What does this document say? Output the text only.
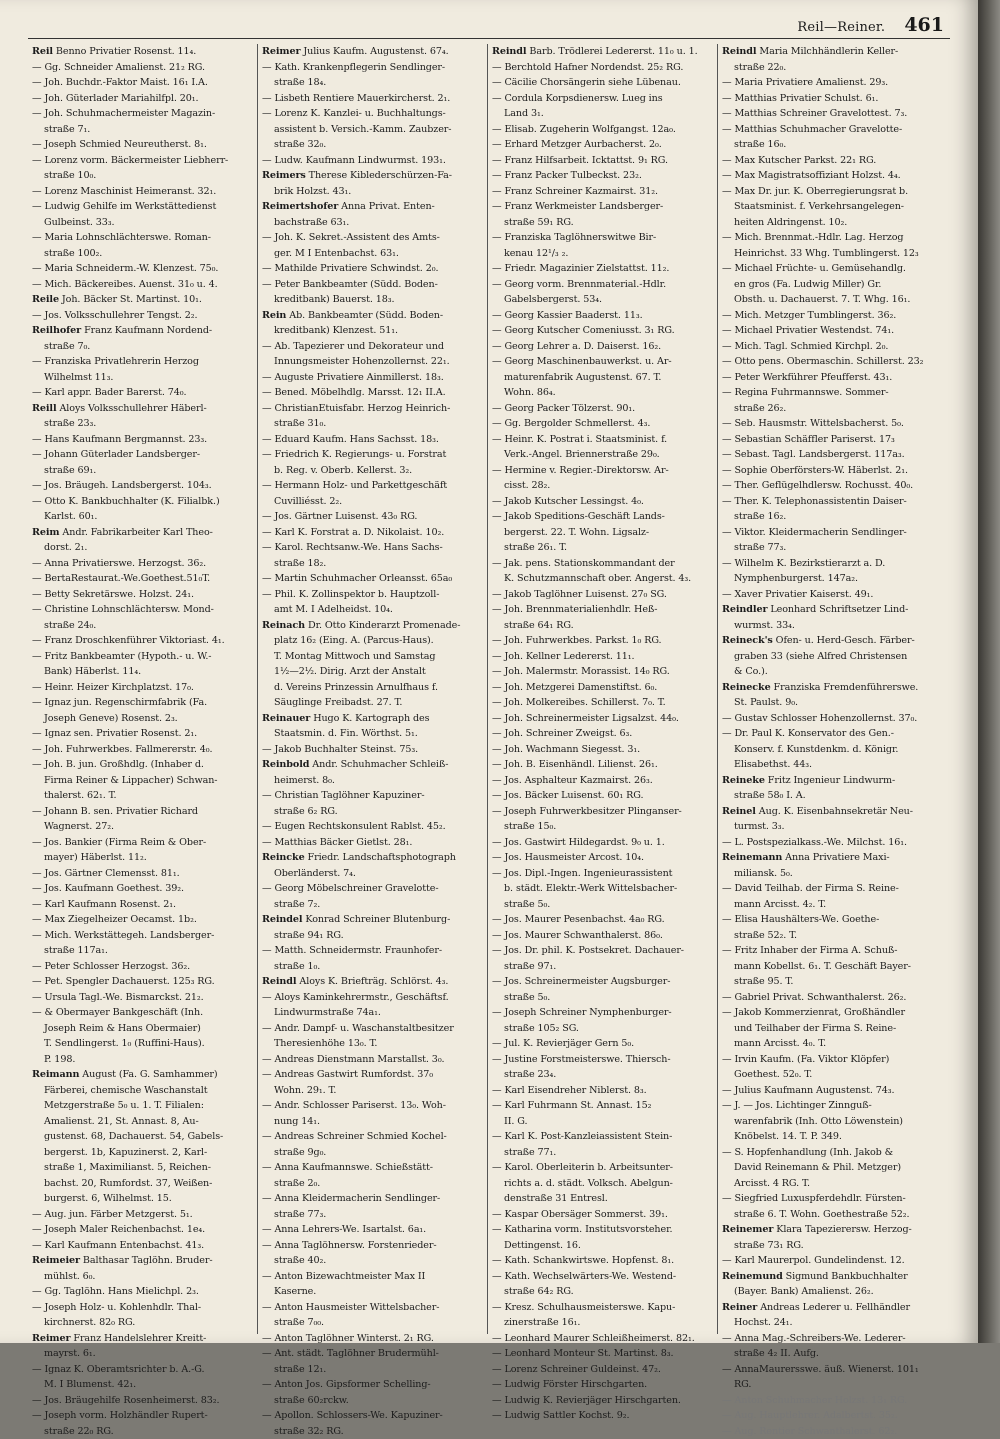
Reil—Reiner. 461
Reil Benno Privatier Rosenst. 11₄.
— Gg. Schneider Amalienst. 21₂ RG.
— Joh. Buchdr.-Faktor Maist. 16₁ I.A.
— Joh. Güterlader Mariahilfpl. 20₁.
— Joh. Schuhmachermeister Magazin-
straße 7₁.
— Joseph Schmied Neureutherst. 8₁.
— Lorenz vorm. Bäckermeister Liebherr-
straße 10₀.
— Lorenz Maschinist Heimeranst. 32₁.
— Ludwig Gehilfe im Werkstättedienst
Gulbeinst. 33₃.
— Maria Lohnschlächterswe. Roman-
straße 100₂.
— Maria Schneiderm.-W. Klenzest. 75₀.
— Mich. Bäckereibes. Auenst. 31₀ u. 4.
Reile Joh. Bäcker St. Martinst. 10₁.
— Jos. Volksschullehrer Tengst. 2₂.
Reilhofer Franz Kaufmann Nordend-
straße 7₀.
— Franziska Privatlehrerin Herzog
Wilhelmst 11₃.
— Karl appr. Bader Barerst. 74₀.
Reill Aloys Volksschullehrer Häberl-
straße 23₃.
— Hans Kaufmann Bergmannst. 23₃.
— Johann Güterlader Landsberger-
straße 69₁.
— Jos. Bräugeh. Landsbergerst. 104₃.
— Otto K. Bankbuchhalter (K. Filialbk.)
Karlst. 60₁.
Reim Andr. Fabrikarbeiter Karl Theo-
dorst. 2₁.
— Anna Privatierswe. Herzogst. 36₂.
— BertaRestaurat.-We.Goethest.51₀T.
— Betty Sekretärswe. Holzst. 24₁.
— Christine Lohnschlächtersw. Mond-
straße 24₀.
— Franz Droschkenführer Viktoriast. 4₁.
— Fritz Bankbeamter (Hypoth.- u. W.-
Bank) Häberlst. 11₄.
— Heinr. Heizer Kirchplatzst. 17₀.
— Ignaz jun. Regenschirmfabrik (Fa.
Joseph Geneve) Rosenst. 2₃.
— Ignaz sen. Privatier Rosenst. 2₁.
— Joh. Fuhrwerkbes. Fallmererstr. 4₀.
— Joh. B. jun. Großhdlg. (Inhaber d.
Firma Reiner & Lippacher) Schwan-
thalerst. 62₁. T.
— Johann B. sen. Privatier Richard
Wagnerst. 27₂.
— Jos. Bankier (Firma Reim & Ober-
mayer) Häberlst. 11₂.
— Jos. Gärtner Clemensst. 81₁.
— Jos. Kaufmann Goethest. 39₂.
— Karl Kaufmann Rosenst. 2₁.
— Max Ziegelheizer Oecamst. 1b₂.
— Mich. Werkstättegeh. Landsberger-
straße 117a₁.
— Peter Schlosser Herzogst. 36₂.
— Pet. Spengler Dachauerst. 125₃ RG.
— Ursula Tagl.-We. Bismarckst. 21₂.
— & Obermayer Bankgeschäft (Inh.
Joseph Reim & Hans Obermaier)
T. Sendlingerst. 1₀ (Ruffini-Haus).
P. 198.
Reimann August (Fa. G. Samhammer)
Färberei, chemische Waschanstalt
Metzgerstraße 5₀ u. 1. T. Filialen:
Amalienst. 21, St. Annast. 8, Au-
gustenst. 68, Dachauerst. 54, Gabels-
bergerst. 1b, Kapuzinerst. 2, Karl-
straße 1, Maximilianst. 5, Reichen-
bachst. 20, Rumfordst. 37, Weißen-
burgerst. 6, Wilhelmst. 15.
— Aug. jun. Färber Metzgerst. 5₁.
— Joseph Maler Reichenbachst. 1e₄.
— Karl Kaufmann Entenbachst. 41₃.
Reimeier Balthasar Taglöhn. Bruder-
mühlst. 6₀.
— Gg. Taglöhn. Hans Mielichpl. 2₃.
— Joseph Holz- u. Kohlenhdlr. Thal-
kirchnerst. 82₀ RG.
Reimer Franz Handelslehrer Kreitt-
mayrst. 6₁.
— Ignaz K. Oberamtsrichter b. A.-G.
M. I Blumenst. 42₁.
— Jos. Bräugehilfe Rosenheimerst. 83₂.
— Joseph vorm. Holzhändler Rupert-
straße 22₀ RG.
Reimer Julius Kaufm. Augustenst. 67₄.
— Kath. Krankenpflegerin Sendlinger-
straße 18₄.
— Lisbeth Rentiere Mauerkircherst. 2₁.
— Lorenz K. Kanzlei- u. Buchhaltungs-
assistent b. Versich.-Kamm. Zaubzer-
straße 32₀.
— Ludw. Kaufmann Lindwurmst. 193₁.
Reimers Therese Kiblederschürzen-Fa-
brik Holzst. 43₁.
Reimertshofer Anna Privat. Enten-
bachstraße 63₁.
— Joh. K. Sekret.-Assistent des Amts-
ger. M I Entenbachst. 63₁.
— Mathilde Privatiere Schwindst. 2₀.
— Peter Bankbeamter (Südd. Boden-
kreditbank) Bauerst. 18₃.
Rein Ab. Bankbeamter (Südd. Boden-
kreditbank) Klenzest. 51₁.
— Ab. Tapezierer und Dekorateur und
Innungsmeister Hohenzollernst. 22₁.
— Auguste Privatiere Ainmillerst. 18₃.
— Bened. Möbelhdlg. Marsst. 12₁ II.A.
— ChristianEtuisfabr. Herzog Heinrich-
straße 31₀.
— Eduard Kaufm. Hans Sachsst. 18₃.
— Friedrich K. Regierungs- u. Forstrat
b. Reg. v. Oberb. Kellerst. 3₂.
— Hermann Holz- und Parkettgeschäft
Cuvilliésst. 2₂.
— Jos. Gärtner Luisenst. 43₀ RG.
— Karl K. Forstrat a. D. Nikolaist. 10₂.
— Karol. Rechtsanw.-We. Hans Sachs-
straße 18₂.
— Martin Schuhmacher Orleansst. 65a₀
— Phil. K. Zollinspektor b. Hauptzoll-
amt M. I Adelheidst. 10₄.
Reinach Dr. Otto Kinderarzt Promenade-
platz 16₂ (Eing. A. (Parcus-Haus).
T. Montag Mittwoch und Samstag
1½—2½. Dirig. Arzt der Anstalt
d. Vereins Prinzessin Arnulfhaus f.
Säuglinge Freibadst. 27. T.
Reinauer Hugo K. Kartograph des
Staatsmin. d. Fin. Wörthst. 5₁.
— Jakob Buchhalter Steinst. 75₃.
Reinbold Andr. Schuhmacher Schleiß-
heimerst. 8₀.
— Christian Taglöhner Kapuziner-
straße 6₂ RG.
— Eugen Rechtskonsulent Rablst. 45₂.
— Matthias Bäcker Gietlst. 28₁.
Reincke Friedr. Landschaftsphotograph
Oberländerst. 7₄.
— Georg Möbelschreiner Gravelotte-
straße 7₂.
Reindel Konrad Schreiner Blutenburg-
straße 94₁ RG.
— Matth. Schneidermstr. Fraunhofer-
straße 1₀.
Reindl Aloys K. Briefträg. Schlörst. 4₃.
— Aloys Kaminkehrermstr., Geschäftsf.
Lindwurmstraße 74a₁.
— Andr. Dampf- u. Waschanstaltbesitzer
Theresienhöhe 13₀. T.
— Andreas Dienstmann Marstallst. 3₀.
— Andreas Gastwirt Rumfordst. 37₀
Wohn. 29₁. T.
— Andr. Schlosser Pariserst. 13₀. Woh-
nung 14₁.
— Andreas Schreiner Schmied Kochel-
straße 9g₀.
— Anna Kaufmannswe. Schießstätt-
straße 2₀.
— Anna Kleidermacherin Sendlinger-
straße 77₃.
— Anna Lehrers-We. Isartalst. 6a₁.
— Anna Taglöhnersw. Forstenrieder-
straße 40₂.
— Anton Bizewachtmeister Max II
Kaserne.
— Anton Hausmeister Wittelsbacher-
straße 7₀₀.
— Anton Taglöhner Winterst. 2₁ RG.
— Ant. städt. Taglöhner Brudermühl-
straße 12₁.
— Anton Jos. Gipsformer Schelling-
straße 60₂rckw.
— Apollon. Schlossers-We. Kapuziner-
straße 32₂ RG.
Reindl Barb. Trödlerei Ledererst. 11₀ u. 1.
— Berchtold Hafner Nordendst. 25₂ RG.
— Cäcilie Chorsängerin siehe Lübenau.
— Cordula Korpsdienersw. Lueg ins
Land 3₁.
— Elisab. Zugeherin Wolfgangst. 12a₀.
— Erhard Metzger Aurbacherst. 2₀.
— Franz Hilfsarbeit. Icktattst. 9₁ RG.
— Franz Packer Tulbeckst. 23₂.
— Franz Schreiner Kazmairst. 31₂.
— Franz Werkmeister Landsberger-
straße 59₁ RG.
— Franziska Taglöhnerswitwe Bir-
kenau 12¹/₃ ₂.
— Friedr. Magazinier Zielstattst. 11₂.
— Georg vorm. Brennmaterial.-Hdlr.
Gabelsbergerst. 53₄.
— Georg Kassier Baaderst. 11₃.
— Georg Kutscher Comeniusst. 3₁ RG.
— Georg Lehrer a. D. Daiserst. 16₂.
— Georg Maschinenbauwerkst. u. Ar-
maturenfabrik Augustenst. 67. T.
Wohn. 86₄.
— Georg Packer Tölzerst. 90₁.
— Gg. Bergolder Schmellerst. 4₃.
— Heinr. K. Postrat i. Staatsminist. f.
Verk.-Angel. Briennerstraße 29₀.
— Hermine v. Regier.-Direktorsw. Ar-
cisst. 28₂.
— Jakob Kutscher Lessingst. 4₀.
— Jakob Speditions-Geschäft Lands-
bergerst. 22. T. Wohn. Ligsalz-
straße 26₁. T.
— Jak. pens. Stationskommandant der
K. Schutzmannschaft ober. Angerst. 4₃.
— Jakob Taglöhner Luisenst. 27₀ SG.
— Joh. Brennmaterialienhdlr. Heß-
straße 64₁ RG.
— Joh. Fuhrwerkbes. Parkst. 1₀ RG.
— Joh. Kellner Ledererst. 11₁.
— Joh. Malermstr. Morassist. 14₀ RG.
— Joh. Metzgerei Damenstiftst. 6₀.
— Joh. Molkereibes. Schillerst. 7₀. T.
— Joh. Schreinermeister Ligsalzst. 44₀.
— Joh. Schreiner Zweigst. 6₃.
— Joh. Wachmann Siegesst. 3₁.
— Joh. B. Eisenhändl. Lilienst. 26₁.
— Jos. Asphalteur Kazmairst. 26₃.
— Jos. Bäcker Luisenst. 60₁ RG.
— Joseph Fuhrwerkbesitzer Plinganser-
straße 15₀.
— Jos. Gastwirt Hildegardst. 9₀ u. 1.
— Jos. Hausmeister Arcost. 10₄.
— Jos. Dipl.-Ingen. Ingenieurassistent
b. städt. Elektr.-Werk Wittelsbacher-
straße 5₀.
— Jos. Maurer Pesenbachst. 4a₀ RG.
— Jos. Maurer Schwanthalerst. 86₀.
— Jos. Dr. phil. K. Postsekret. Dachauer-
straße 97₁.
— Jos. Schreinermeister Augsburger-
straße 5₀.
— Joseph Schreiner Nymphenburger-
straße 105₂ SG.
— Jul. K. Revierjäger Gern 5₀.
— Justine Forstmeisterswe. Thiersch-
straße 23₄.
— Karl Eisendreher Niblerst. 8₃.
— Karl Fuhrmann St. Annast. 15₂
II. G.
— Karl K. Post-Kanzleiassistent Stein-
straße 77₁.
— Karol. Oberleiterin b. Arbeitsunter-
richts a. d. städt. Volksch. Abelgun-
denstraße 31 Entresl.
— Kaspar Obersäger Sommerst. 39₁.
— Katharina vorm. Institutsvorsteher.
Dettingenst. 16.
— Kath. Schankwirtswe. Hopfenst. 8₁.
— Kath. Wechselwärters-We. Westend-
straße 64₂ RG.
— Kresz. Schulhausmeisterswe. Kapu-
zinerstraße 16₁.
— Leonhard Maurer Schleißheimerst. 82₁.
— Leonhard Monteur St. Martinst. 8₃.
— Lorenz Schreiner Guldeinst. 47₂.
— Ludwig Förster Hirschgarten.
— Ludwig K. Revierjäger Hirschgarten.
— Ludwig Sattler Kochst. 9₂.
Reindl Maria Milchhändlerin Keller-
straße 22₀.
— Maria Privatiere Amalienst. 29₃.
— Matthias Privatier Schulst. 6₁.
— Matthias Schreiner Gravelottest. 7₃.
— Matthias Schuhmacher Gravelotte-
straße 16₀.
— Max Kutscher Parkst. 22₁ RG.
— Max Magistratsoffiziant Holzst. 4₄.
— Max Dr. jur. K. Oberregierungsrat b.
Staatsminist. f. Verkehrsangelegen-
heiten Aldringenst. 10₂.
— Mich. Brennmat.-Hdlr. Lag. Herzog
Heinrichst. 33 Whg. Tumblingerst. 12₃
— Michael Früchte- u. Gemüsehandlg.
en gros (Fa. Ludwig Miller) Gr.
Obsth. u. Dachauerst. 7. T. Whg. 16₁.
— Mich. Metzger Tumblingerst. 36₂.
— Michael Privatier Westendst. 74₁.
— Mich. Tagl. Schmied Kirchpl. 2₀.
— Otto pens. Obermaschin. Schillerst. 23₂
— Peter Werkführer Pfeufferst. 43₁.
— Regina Fuhrmannswe. Sommer-
straße 26₂.
— Seb. Hausmstr. Wittelsbacherst. 5₀.
— Sebastian Schäffler Pariserst. 17₃
— Sebast. Tagl. Landsbergerst. 117a₃.
— Sophie Oberförsters-W. Häberlst. 2₁.
— Ther. Geflügelhdlersw. Rochusst. 40₀.
— Ther. K. Telephonassistentin Daiser-
straße 16₂.
— Viktor. Kleidermacherin Sendlinger-
straße 77₃.
— Wilhelm K. Bezirkstierarzt a. D.
Nymphenburgerst. 147a₂.
— Xaver Privatier Kaiserst. 49₁.
Reindler Leonhard Schriftsetzer Lind-
wurmst. 33₄.
Reineck's Ofen- u. Herd-Gesch. Färber-
graben 33 (siehe Alfred Christensen
& Co.).
Reinecke Franziska Fremdenführerswe.
St. Paulst. 9₀.
— Gustav Schlosser Hohenzollernst. 37₀.
— Dr. Paul K. Konservator des Gen.-
Konserv. f. Kunstdenkm. d. Königr.
Elisabethst. 44₃.
Reineke Fritz Ingenieur Lindwurm-
straße 58₀ I. A.
Reinel Aug. K. Eisenbahnsekretär Neu-
turmst. 3₃.
— L. Postspezialkass.-We. Milchst. 16₁.
Reinemann Anna Privatiere Maxi-
miliansk. 5₀.
— David Teilhab. der Firma S. Reine-
mann Arcisst. 4₂. T.
— Elisa Haushälters-We. Goethe-
straße 52₂. T.
— Fritz Inhaber der Firma A. Schuß-
mann Kobellst. 6₁. T. Geschäft Bayer-
straße 95. T.
— Gabriel Privat. Schwanthalerst. 26₂.
— Jakob Kommerzienrat, Großhändler
und Teilhaber der Firma S. Reine-
mann Arcisst. 4₀. T.
— Irvin Kaufm. (Fa. Viktor Klöpfer)
Goethest. 52₀. T.
— Julius Kaufmann Augustenst. 74₃.
— J. — Jos. Lichtinger Zinnguß-
warenfabrik (Inh. Otto Löwenstein)
Knöbelst. 14. T. P. 349.
— S. Hopfenhandlung (Inh. Jakob &
David Reinemann & Phil. Metzger)
Arcisst. 4 RG. T.
— Siegfried Luxuspferdehdlr. Fürsten-
straße 6. T. Wohn. Goethestraße 52₂.
Reinemer Klara Tapezierersw. Herzog-
straße 73₁ RG.
— Karl Maurerpol. Gundelindenst. 12.
Reinemund Sigmund Bankbuchhalter
(Bayer. Bank) Amalienst. 26₂.
Reiner Andreas Lederer u. Fellhändler
Hochst. 24₁.
— Anna Mag.-Schreibers-We. Lederer-
straße 4₂ II. Aufg.
— AnnaMaurersswe. äuß. Wienerst. 101₁
RG.
— Anton Schuhmacher Holzst. 13₁ RG.
— Aug. Hauptlehrer. Adalbertst. 35₂.
— Aug. Rentier Schwanthalerst. 62₂.
